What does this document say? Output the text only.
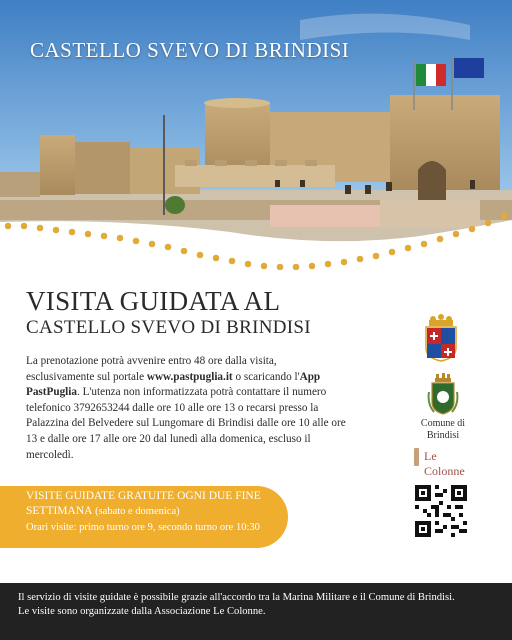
CASTELLO SVEVO DI BRINDISI
VISITA GUIDATA AL
CASTELLO SVEVO DI BRINDISI
La prenotazione potrà avvenire entro 48 ore dalla visita, esclusivamente sul portale www.pastpuglia.it o scaricando l'App PastPuglia. L'utenza non informatizzata potrà contattare il numero telefonico 3792653244 dalle ore 10 alle ore 13 o recarsi presso la Palazzina del Belvedere sul Lungomare di Brindisi dalle ore 10 alle ore 13 e dalle ore 17 alle ore 20 dal lunedì alla domenica, escluso il mercoledì.
VISITE GUIDATE GRATUITE OGNI DUE FINE SETTIMANA (sabato e domenica)
Orari visite: primo turno ore 9, secondo turno ore 10:30
Comune di Brindisi
Le Colonne
Il servizio di visite guidate è possibile grazie all'accordo tra la Marina Militare e il Comune di Brindisi.
Le visite sono organizzate dalla Associazione Le Colonne.
